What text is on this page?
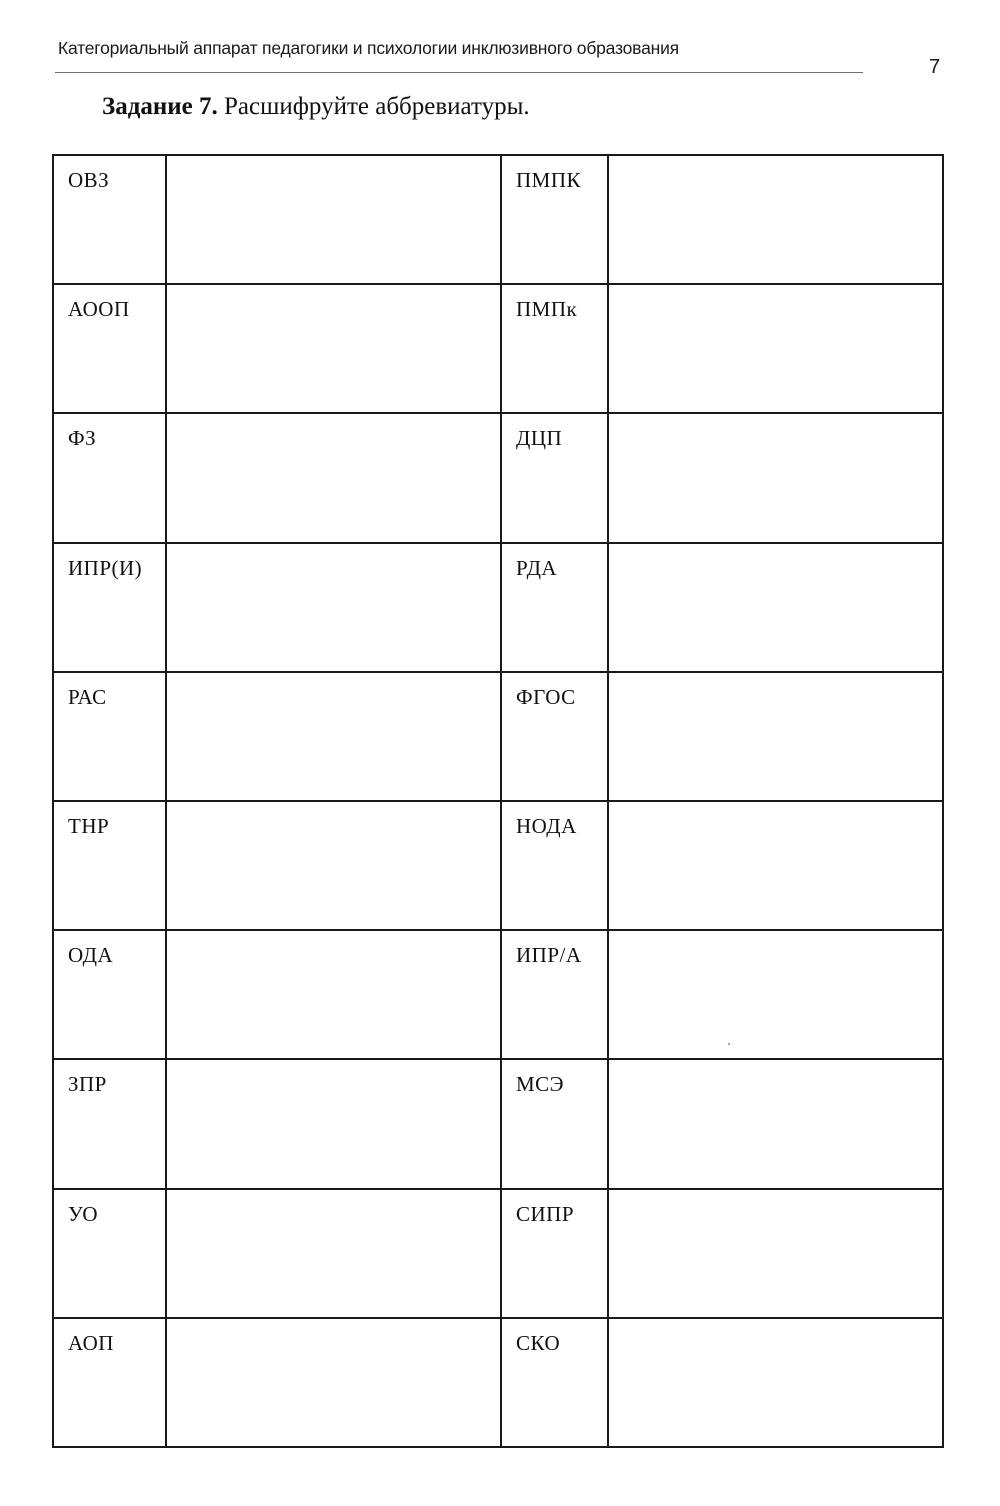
Категориальный аппарат педагогики и психологии инклюзивного образования
7
Задание 7. Расшифруйте аббревиатуры.
ОВЗ		ПМПК	
АООП		ПМПк	
ФЗ		ДЦП	
ИПР(И)		РДА	
РАС		ФГОС	
ТНР		НОДА	
ОДА		ИПР/А	
ЗПР		МСЭ	
УО		СИПР	
АОП		СКО	
